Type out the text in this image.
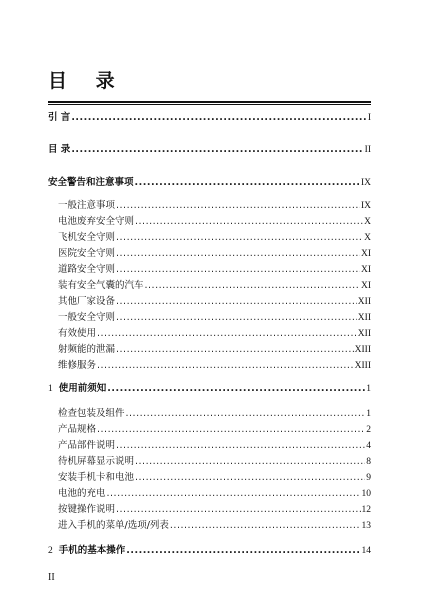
目 录
引 言 .....	I
目 录 .....	II
安全警告和注意事项 .....	IX
一般注意事项 .....	IX
电池废弃安全守则 .....	X
飞机安全守则 .....	X
医院安全守则 .....	XI
道路安全守则 .....	XI
装有安全气囊的汽车 .....	XI
其他厂家设备 .....	XII
一般安全守则 .....	XII
有效使用 .....	XII
射频能的泄漏 .....	XIII
维修服务 .....	XIII
1 使用前须知 .....	1
检查包装及组件 .....	1
产品规格 .....	2
产品部件说明 .....	4
待机屏幕显示说明 .....	8
安装手机卡和电池 .....	9
电池的充电 .....	10
按键操作说明 .....	12
进入手机的菜单/选项/列表 .....	13
2 手机的基本操作 .....	14
II
